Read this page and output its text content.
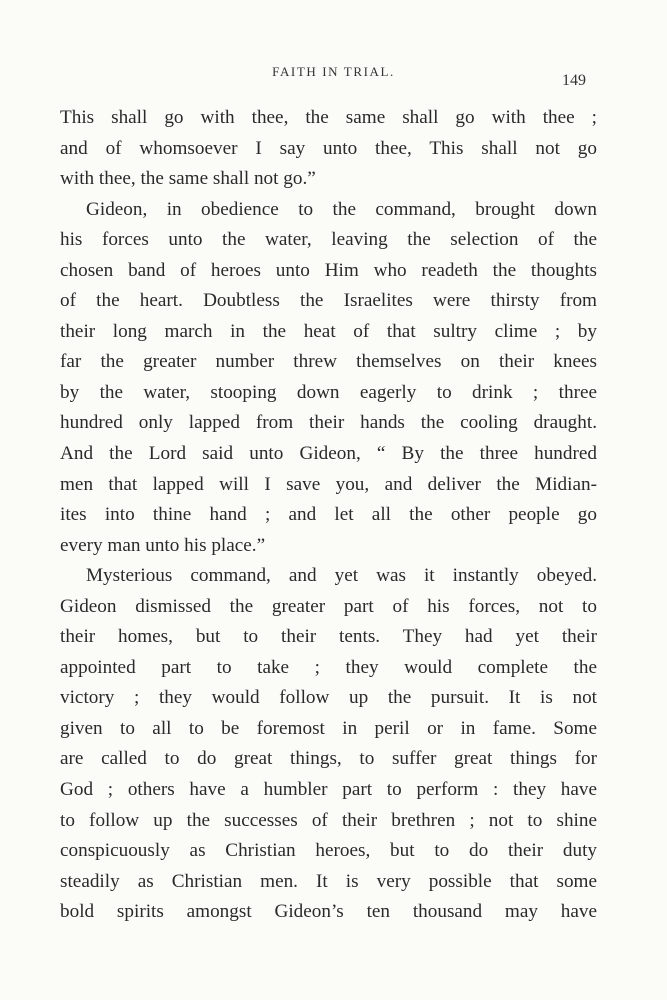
FAITH IN TRIAL.
149
This shall go with thee, the same shall go with thee ;
and of whomsoever I say unto thee, This shall not go
with thee, the same shall not go.”
Gideon, in obedience to the command, brought down
his forces unto the water, leaving the selection of the
chosen band of heroes unto Him who readeth the thoughts
of the heart. Doubtless the Israelites were thirsty from
their long march in the heat of that sultry clime ; by
far the greater number threw themselves on their knees
by the water, stooping down eagerly to drink ; three
hundred only lapped from their hands the cooling draught.
And the Lord said unto Gideon, “ By the three hundred
men that lapped will I save you, and deliver the Midian-
ites into thine hand ; and let all the other people go
every man unto his place.”
Mysterious command, and yet was it instantly obeyed.
Gideon dismissed the greater part of his forces, not to
their homes, but to their tents. They had yet their
appointed part to take ; they would complete the
victory ; they would follow up the pursuit. It is not
given to all to be foremost in peril or in fame. Some
are called to do great things, to suffer great things for
God ; others have a humbler part to perform : they have
to follow up the successes of their brethren ; not to shine
conspicuously as Christian heroes, but to do their duty
steadily as Christian men. It is very possible that some
bold spirits amongst Gideon’s ten thousand may have
